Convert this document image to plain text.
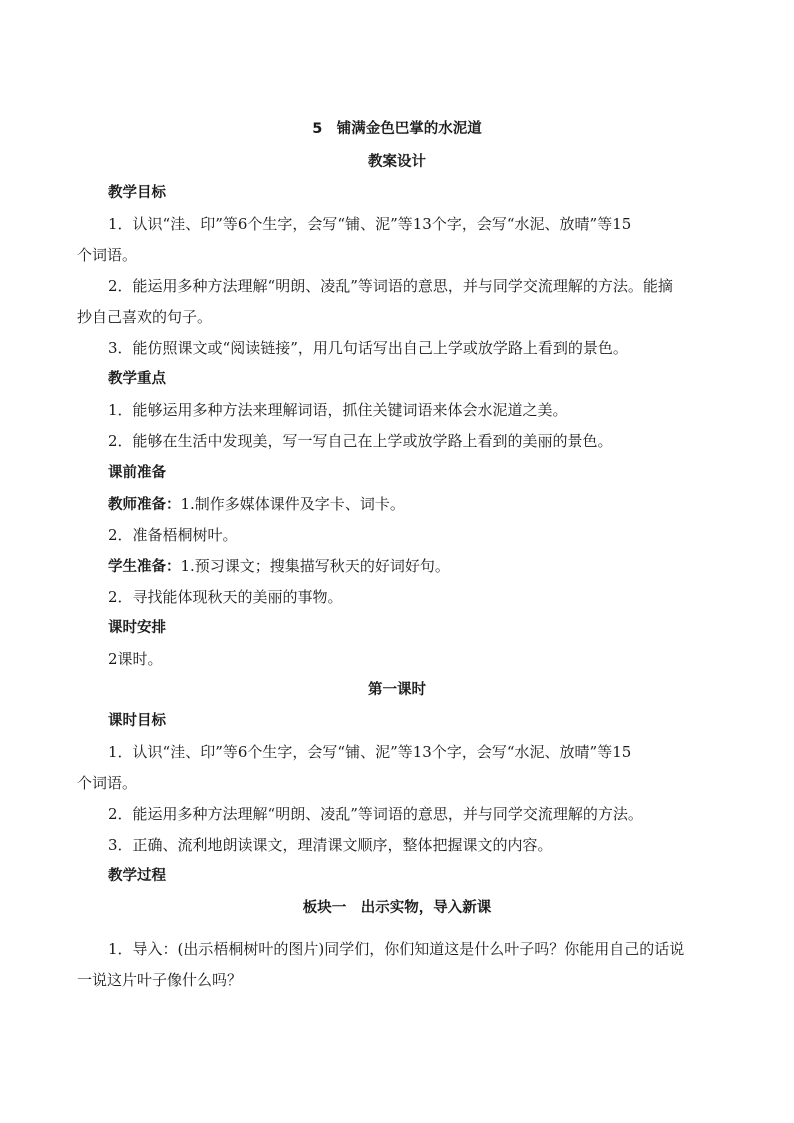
5　铺满金色巴掌的水泥道
教案设计
教学目标
1．认识“洼、印”等6个生字，会写“铺、泥”等13个字，会写“水泥、放晴”等15
个词语。
2．能运用多种方法理解“明朗、凌乱”等词语的意思，并与同学交流理解的方法。能摘
抄自己喜欢的句子。
3．能仿照课文或“阅读链接”，用几句话写出自己上学或放学路上看到的景色。
教学重点
1．能够运用多种方法来理解词语，抓住关键词语来体会水泥道之美。
2．能够在生活中发现美，写一写自己在上学或放学路上看到的美丽的景色。
课前准备
教师准备：1.制作多媒体课件及字卡、词卡。
2．准备梧桐树叶。
学生准备：1.预习课文；搜集描写秋天的好词好句。
2．寻找能体现秋天的美丽的事物。
课时安排
2课时。
第一课时
课时目标
1．认识“洼、印”等6个生字，会写“铺、泥”等13个字，会写“水泥、放晴”等15
个词语。
2．能运用多种方法理解“明朗、凌乱”等词语的意思，并与同学交流理解的方法。
3．正确、流利地朗读课文，理清课文顺序，整体把握课文的内容。
教学过程
板块一　出示实物，导入新课
1．导入：(出示梧桐树叶的图片)同学们，你们知道这是什么叶子吗？你能用自己的话说
一说这片叶子像什么吗？
